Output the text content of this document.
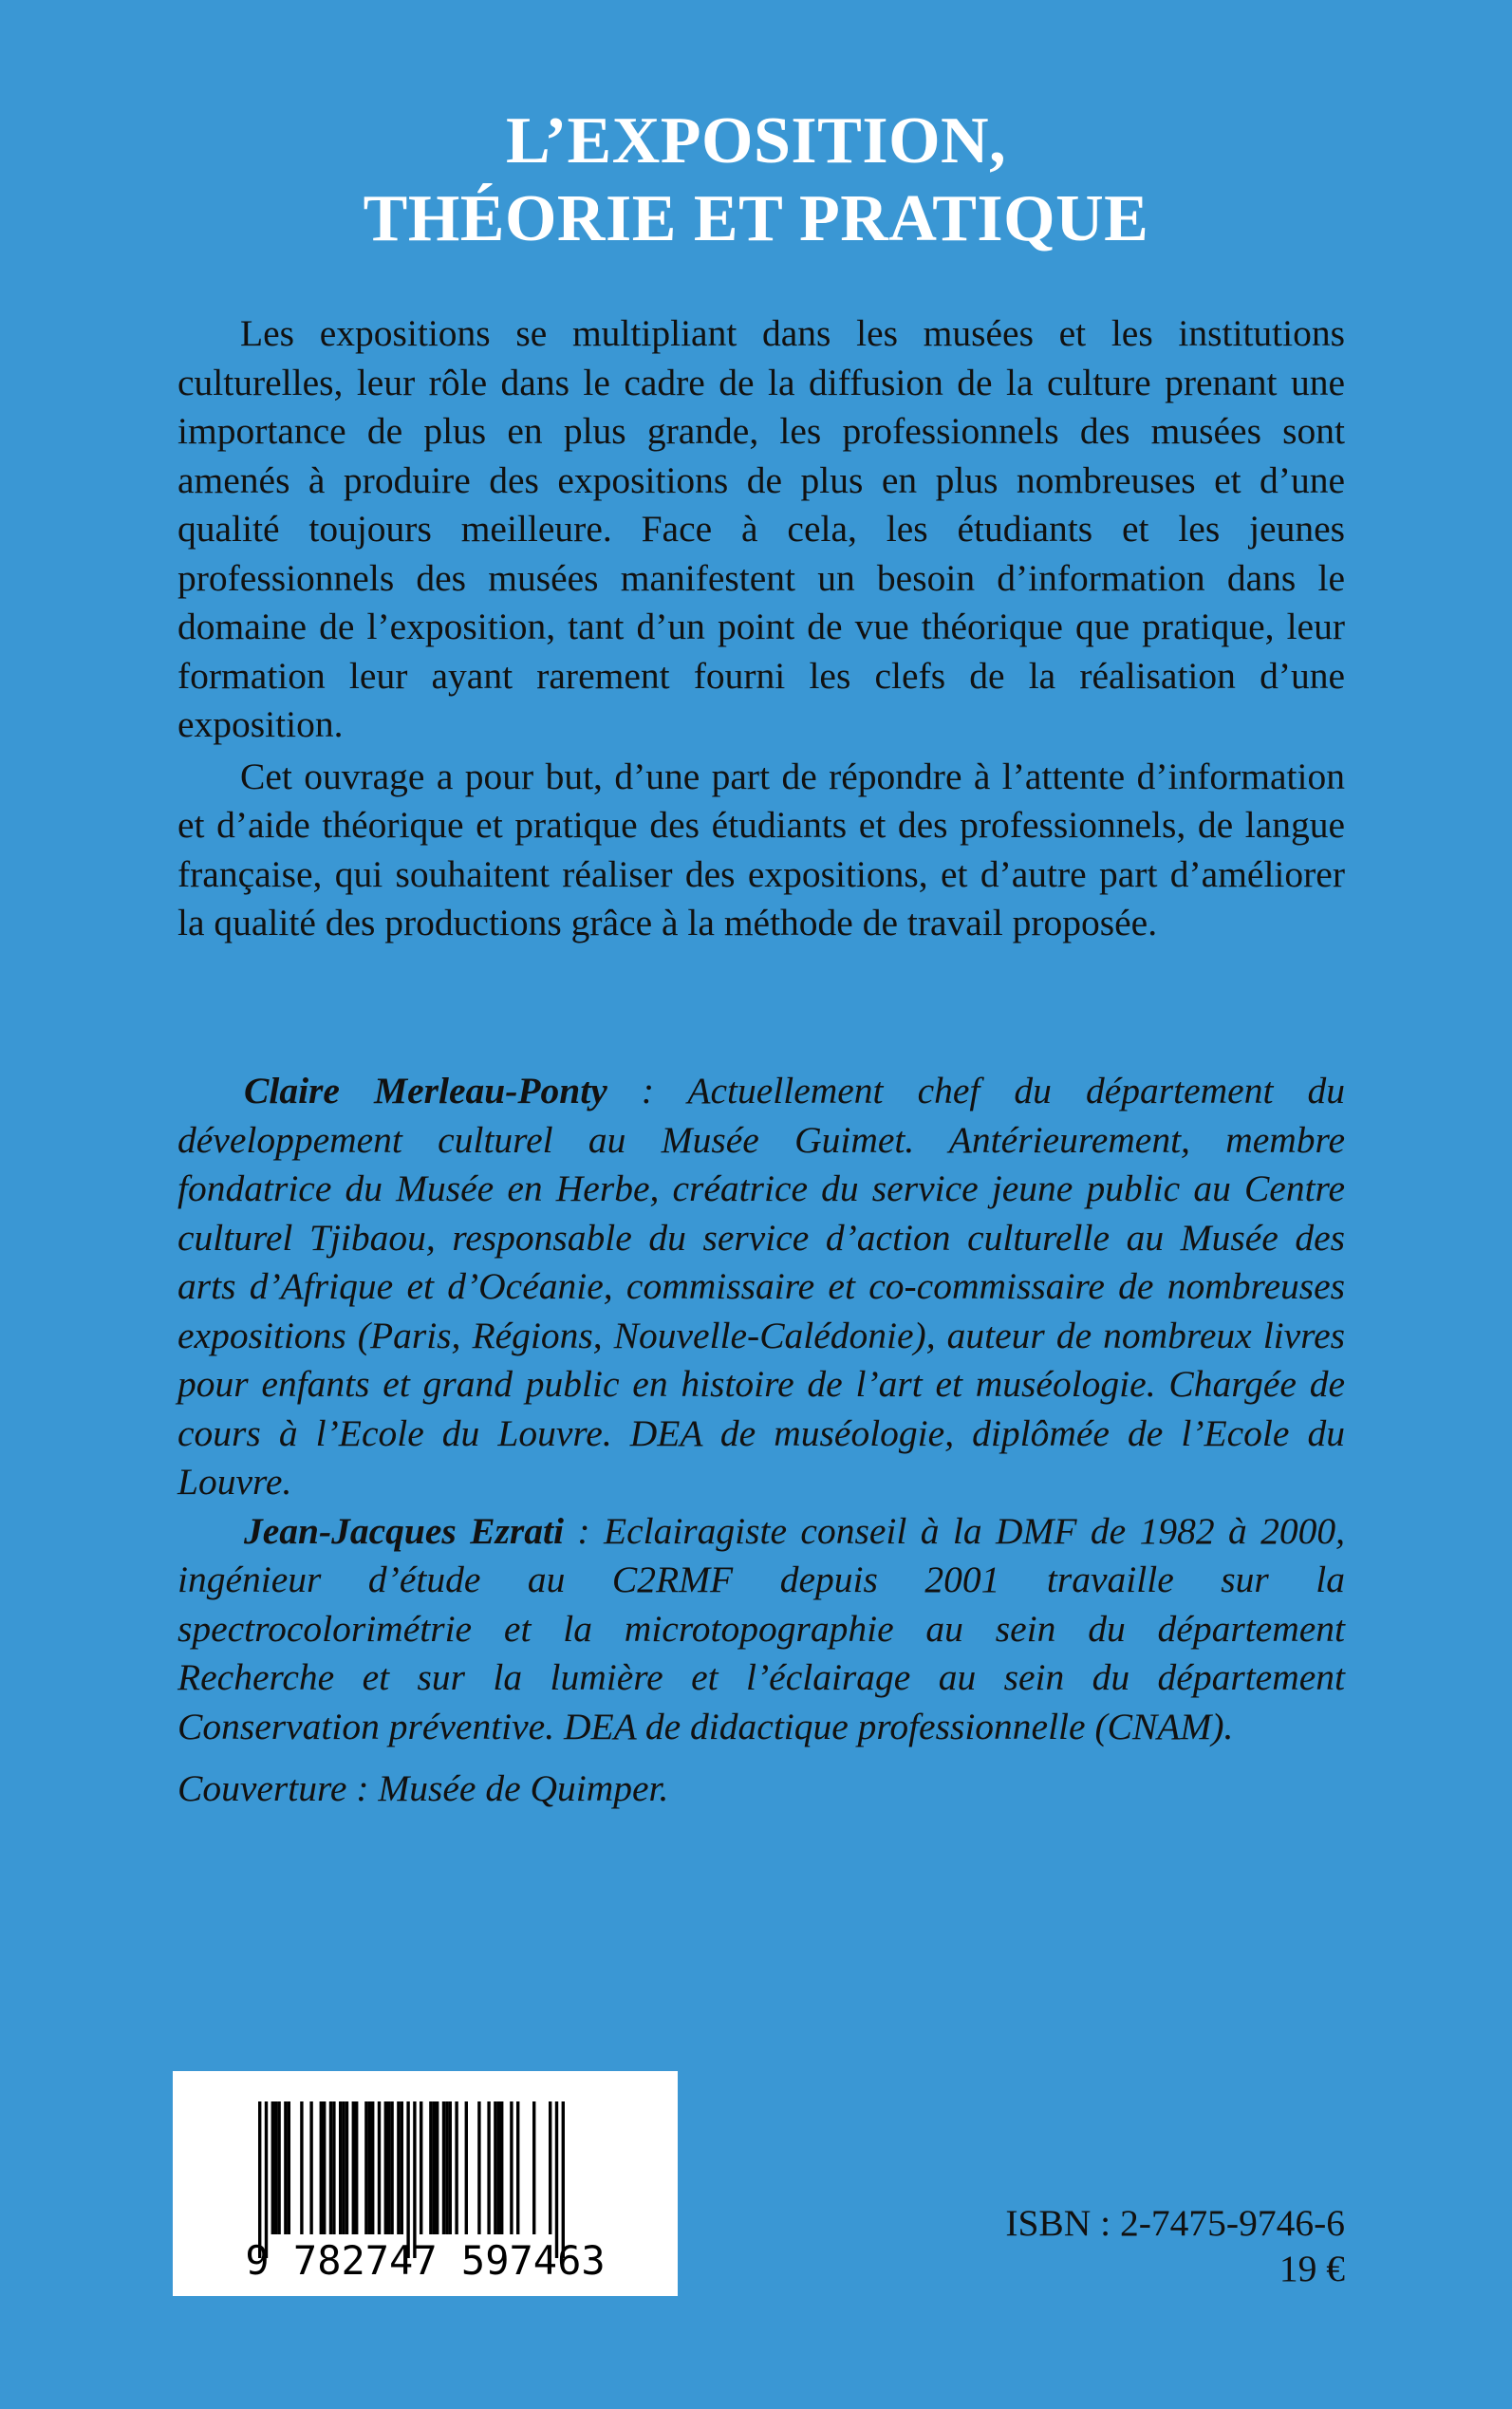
L’EXPOSITION,
THÉORIE ET PRATIQUE

Les expositions se multipliant dans les musées et les institutions culturelles, leur rôle dans le cadre de la diffusion de la culture prenant une importance de plus en plus grande, les professionnels des musées sont amenés à produire des expositions de plus en plus nombreuses et d’une qualité toujours meilleure. Face à cela, les étudiants et les jeunes professionnels des musées manifestent un besoin d’information dans le domaine de l’exposition, tant d’un point de vue théorique que pratique, leur formation leur ayant rarement fourni les clefs de la réalisation d’une exposition.

Cet ouvrage a pour but, d’une part de répondre à l’attente d’information et d’aide théorique et pratique des étudiants et des professionnels, de langue française, qui souhaitent réaliser des expositions, et d’autre part d’améliorer la qualité des productions grâce à la méthode de travail proposée.

Claire Merleau-Ponty : Actuellement chef du département du développement culturel au Musée Guimet. Antérieurement, membre fondatrice du Musée en Herbe, créatrice du service jeune public au Centre culturel Tjibaou, responsable du service d’action culturelle au Musée des arts d’Afrique et d’Océanie, commissaire et co-commissaire de nombreuses expositions (Paris, Régions, Nouvelle-Calédonie), auteur de nombreux livres pour enfants et grand public en histoire de l’art et muséologie. Chargée de cours à l’Ecole du Louvre. DEA de muséologie, diplômée de l’Ecole du Louvre.

Jean-Jacques Ezrati : Eclairagiste conseil à la DMF de 1982 à 2000, ingénieur d’étude au C2RMF depuis 2001 travaille sur la spectrocolorimétrie et la microtopographie au sein du département Recherche et sur la lumière et l’éclairage au sein du département Conservation préventive. DEA de didactique professionnelle (CNAM).

Couverture : Musée de Quimper.
9 782747 597463
ISBN : 2-7475-9746-6
19 €
